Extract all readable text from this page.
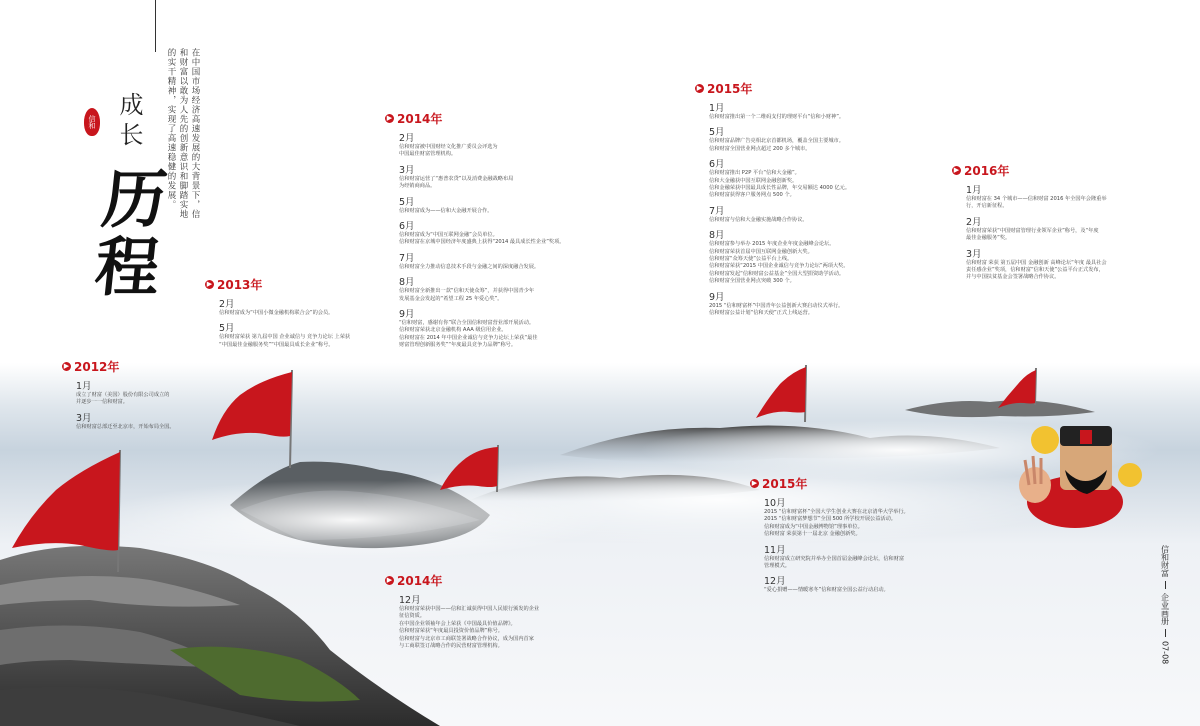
在中国市场经济高速发展的大背景下，信和财富以敢为人先的创新意识和脚踏实地的实干精神，实现了高速稳健的发展。
信和 成长
历程
▶ 2012年
1月
成立了财富（美国）股份有限公司成立的
并逐步一一信和财富。
3月
信和财富总部迁至北京市，开始布局全国。
▶ 2013年
2月
信和财富成为“中国小微金融机构联合会”的会员。
5月
信和财富荣获 第九届中国 企业诚信与 竞争力论坛 上荣获
“中国最佳金融服务奖”“中国最具成长企业”称号。
▶ 2014年
2月
信和财富被中国财经文化推广委员会评选为
中国最佳财富管理机构。
3月
信和财富运营了“惠普农贷”以及消费金融战略布局
为经销商商品。
5月
信和财富成为——信和大金融开展合作。
6月
信和财富成为“中国互联网金融”会员单位。
信和财富在京城中国经济年度盛典上获得“2014 最具成长性企业”奖项。
7月
信和财富全力推动信息技术手段与金融之间的深度融合发展。
8月
信和财富全新推出一款“信和天使众筹”，并获得中国青少年
发展基金会发起的“希望工程 25 年爱心奖”。
9月
“信和财富，感谢有你”联合全国信和财富营业部开展活动。
信和财富荣获北京金融机构 AAA 级信用企业。
信和财富在 2014 年中国企业诚信与竞争力论坛上荣获“最佳
财富管理创新服务奖”“年度最具竞争力品牌”称号。
▶ 2014年
12月
信和财富荣获中国——信和汇诚获得中国人民银行颁发的企业
征信资质。
在中国企业领袖年会上荣获《中国最具价值品牌》。
信和财富荣获“年度最具投资价值品牌”称号。
信和财富与北京市工商联签署战略合作协议，成为国内首家
与工商联签订战略合作的民营财富管理机构。
▶ 2015年
1月
信和财富推出第一个二维码支付的理财平台“信和小财神”。
5月
信和财富品牌广告亮相北京首都机场，覆盖全国主要城市。
信和财富全国营业网点超过 200 多个城市。
6月
信和财富推出 P2P 平台“信和大金融”。
信和大金融获中国互联网金融创新奖。
信和金融荣获中国最具成长性品牌，年交易额达 4000 亿元。
信和财富获得客户服务网点 500 个。
7月
信和财富与信和大金融实施战略合作协议。
8月
信和财富参与举办 2015 年度企业年度金融峰会论坛。
信和财富荣获首届中国互联网金融创新大奖。
信和财富“众筹天使”公益平台上线。
信和财富荣获“2015 中国企业诚信与竞争力论坛”两项大奖。
信和财富发起“信和财富公益基金”全国大型捐资助学活动。
信和财富全国营业网点突破 300 个。
9月
2015 “信和财富杯”中国青年公益创新大赛启动仪式举行。
信和财富公益计划“信和天使”正式上线运营。
▶ 2015年
10月
2015 “信和财富杯”全国大学生创业大赛在北京清华大学举行。
2015 “信和财富梦想节”全国 500 所学校开展公益活动。
信和财富成为“中国金融博物馆”理事单位。
信和财富 荣获第十一届北京 金融创新奖。
11月
信和财富成立研究院并举办全国首届金融峰会论坛，信和财富
管理模式。
12月
“爱心捐赠——情暖寒冬”信和财富全国公益行动启动。
▶ 2016年
1月
信和财富在 34 个城市——信和财富 2016 年全国年会隆重举
行，开启新征程。
2月
信和财富荣获“中国财富管理行业领军企业”称号，及“年度
最佳金融服务”奖。
3月
信和财富 荣获 第五届中国 金融创新 高峰论坛“年度 最具社会
责任感企业”奖项，信和财富“信和天使”公益平台正式发布，
并与中国扶贫基金会签署战略合作协议。
信和财富
企业画册
07-08
